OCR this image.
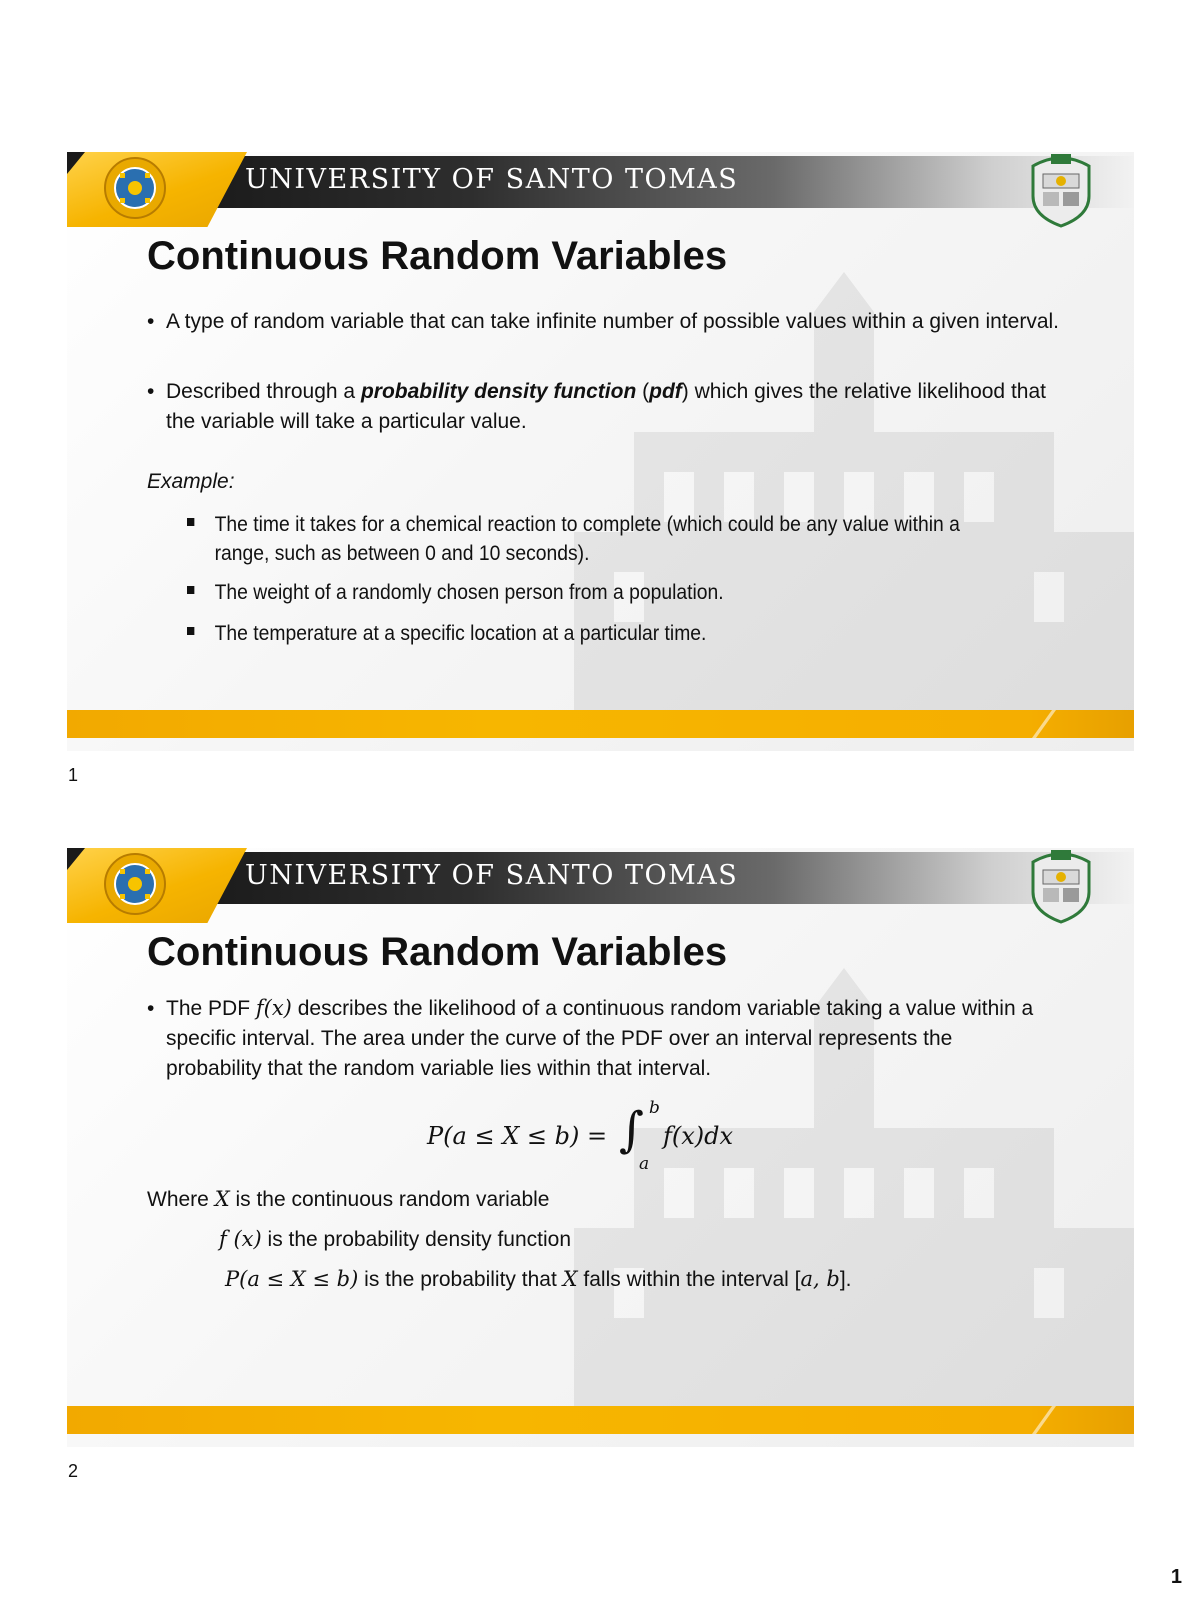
UNIVERSITY OF SANTO TOMAS
Continuous Random Variables
• A type of random variable that can take infinite number of possible values within a given interval.
• Described through a probability density function (pdf) which gives the relative likelihood that the variable will take a particular value.
Example:
The time it takes for a chemical reaction to complete (which could be any value within a range, such as between 0 and 10 seconds).
The weight of a randomly chosen person from a population.
The temperature at a specific location at a particular time.
1
UNIVERSITY OF SANTO TOMAS
Continuous Random Variables
• The PDF f(x) describes the likelihood of a continuous random variable taking a value within a specific interval. The area under the curve of the PDF over an interval represents the probability that the random variable lies within that interval.
P(a ≤ X ≤ b) = ∫ b
a
f(x)dx
Where X is the continuous random variable
f (x) is the probability density function
P(a ≤ X ≤ b) is the probability that X falls within the interval [a, b].
2
1
